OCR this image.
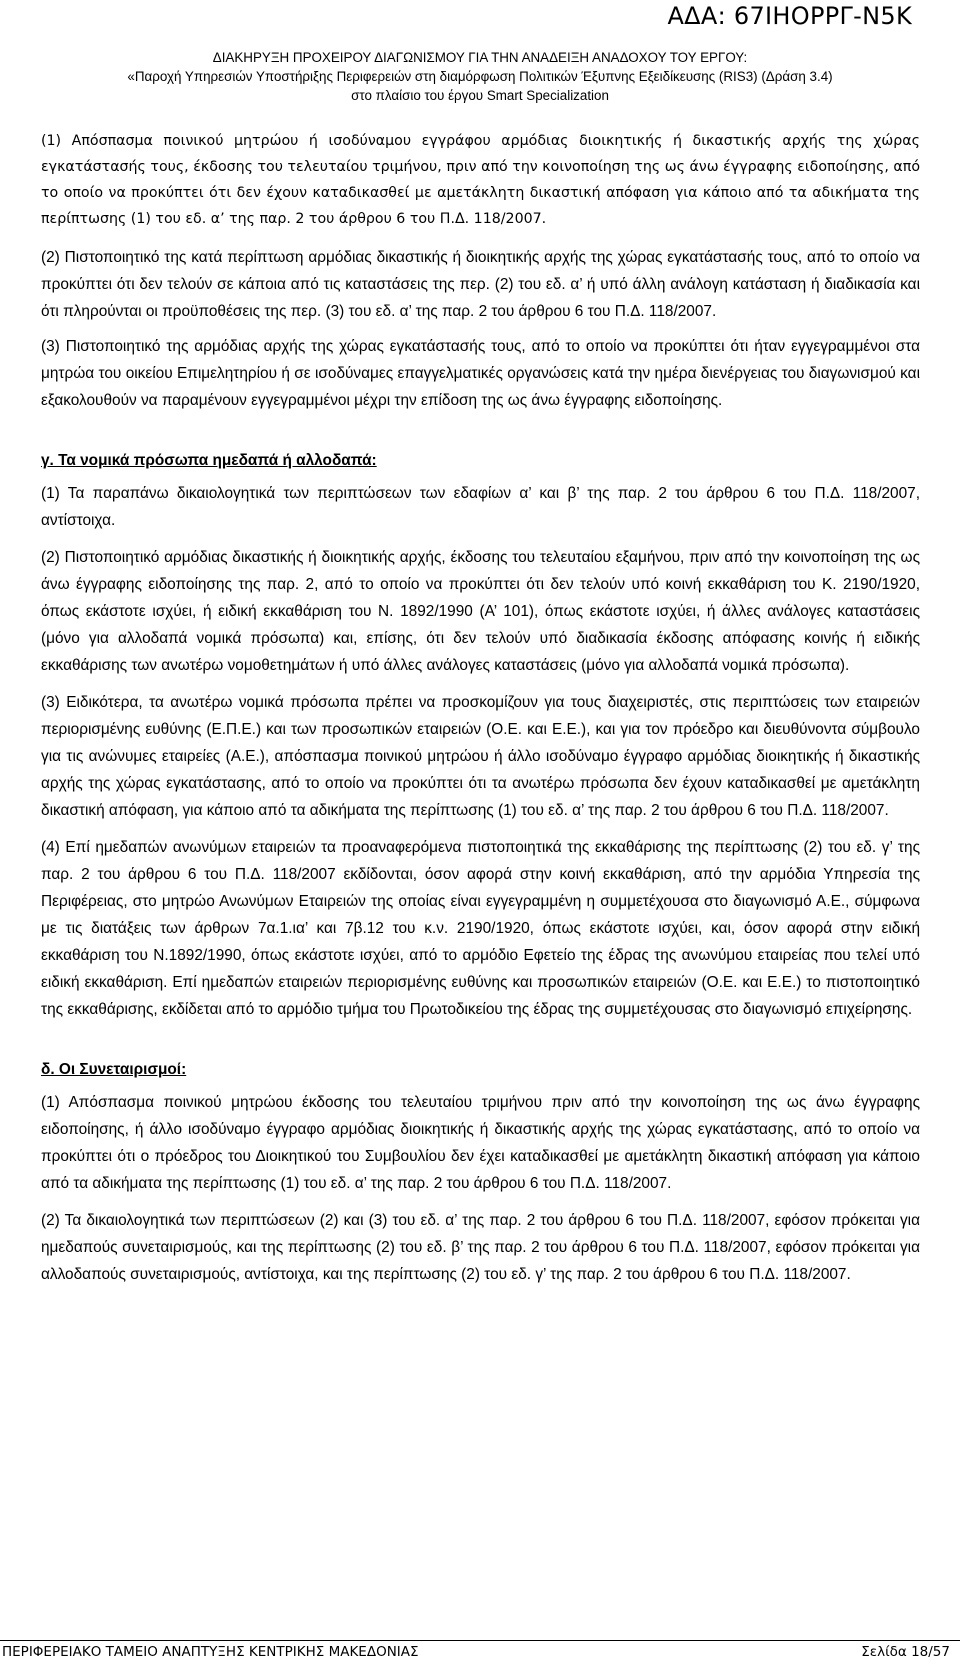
ΑΔΑ: 67ΙΗΟΡΡΓ-Ν5Κ
ΔΙΑΚΗΡΥΞΗ ΠΡΟΧΕΙΡΟΥ ΔΙΑΓΩΝΙΣΜΟΥ ΓΙΑ ΤΗΝ ΑΝΑΔΕΙΞΗ ΑΝΑΔΟΧΟΥ ΤΟΥ ΕΡΓΟΥ:
«Παροχή Υπηρεσιών Υποστήριξης Περιφερειών στη διαμόρφωση Πολιτικών Έξυπνης Εξειδίκευσης (RIS3) (Δράση 3.4)
στο πλαίσιο του έργου Smart Specialization

(1) Απόσπασμα ποινικού μητρώου ή ισοδύναμου εγγράφου αρμόδιας διοικητικής ή δικαστικής αρχής της χώρας εγκατάστασής τους, έκδοσης του τελευταίου τριμήνου, πριν από την κοινοποίηση της ως άνω έγγραφης ειδοποίησης, από το οποίο να προκύπτει ότι δεν έχουν καταδικασθεί με αμετάκλητη δικαστική απόφαση για κάποιο από τα αδικήματα της περίπτωσης (1) του εδ. α’ της παρ. 2 του άρθρου 6 του Π.Δ. 118/2007.

(2) Πιστοποιητικό της κατά περίπτωση αρμόδιας δικαστικής ή διοικητικής αρχής της χώρας εγκατάστασής τους, από το οποίο να προκύπτει ότι δεν τελούν σε κάποια από τις καταστάσεις της περ. (2) του εδ. α’ ή υπό άλλη ανάλογη κατάσταση ή διαδικασία και ότι πληρούνται οι προϋποθέσεις της περ. (3) του εδ. α’ της παρ. 2 του άρθρου 6 του Π.Δ. 118/2007.

(3) Πιστοποιητικό της αρμόδιας αρχής της χώρας εγκατάστασής τους, από το οποίο να προκύπτει ότι ήταν εγγεγραμμένοι στα μητρώα του οικείου Επιμελητηρίου ή σε ισοδύναμες επαγγελματικές οργανώσεις κατά την ημέρα διενέργειας του διαγωνισμού και εξακολουθούν να παραμένουν εγγεγραμμένοι μέχρι την επίδοση της ως άνω έγγραφης ειδοποίησης.

γ. Τα νομικά πρόσωπα ημεδαπά ή αλλοδαπά:

(1) Τα παραπάνω δικαιολογητικά των περιπτώσεων των εδαφίων α’ και β’ της παρ. 2 του άρθρου 6 του Π.Δ. 118/2007, αντίστοιχα.

(2) Πιστοποιητικό αρμόδιας δικαστικής ή διοικητικής αρχής, έκδοσης του τελευταίου εξαμήνου, πριν από την κοινοποίηση της ως άνω έγγραφης ειδοποίησης της παρ. 2, από το οποίο να προκύπτει ότι δεν τελούν υπό κοινή εκκαθάριση του Κ. 2190/1920, όπως εκάστοτε ισχύει, ή ειδική εκκαθάριση του Ν. 1892/1990 (Α’ 101), όπως εκάστοτε ισχύει, ή άλλες ανάλογες καταστάσεις (μόνο για αλλοδαπά νομικά πρόσωπα) και, επίσης, ότι δεν τελούν υπό διαδικασία έκδοσης απόφασης κοινής ή ειδικής εκκαθάρισης των ανωτέρω νομοθετημάτων ή υπό άλλες ανάλογες καταστάσεις (μόνο για αλλοδαπά νομικά πρόσωπα).

(3) Ειδικότερα, τα ανωτέρω νομικά πρόσωπα πρέπει να προσκομίζουν για τους διαχειριστές, στις περιπτώσεις των εταιρειών περιορισμένης ευθύνης (Ε.Π.Ε.) και των προσωπικών εταιρειών (Ο.Ε. και Ε.Ε.), και για τον πρόεδρο και διευθύνοντα σύμβουλο για τις ανώνυμες εταιρείες (Α.Ε.), απόσπασμα ποινικού μητρώου ή άλλο ισοδύναμο έγγραφο αρμόδιας διοικητικής ή δικαστικής αρχής της χώρας εγκατάστασης, από το οποίο να προκύπτει ότι τα ανωτέρω πρόσωπα δεν έχουν καταδικασθεί με αμετάκλητη δικαστική απόφαση, για κάποιο από τα αδικήματα της περίπτωσης (1) του εδ. α’ της παρ. 2 του άρθρου 6 του Π.Δ. 118/2007.

(4) Επί ημεδαπών ανωνύμων εταιρειών τα προαναφερόμενα πιστοποιητικά της εκκαθάρισης της περίπτωσης (2) του εδ. γ’ της παρ. 2 του άρθρου 6 του Π.Δ. 118/2007 εκδίδονται, όσον αφορά στην κοινή εκκαθάριση, από την αρμόδια Υπηρεσία της Περιφέρειας, στο μητρώο Ανωνύμων Εταιρειών της οποίας είναι εγγεγραμμένη η συμμετέχουσα στο διαγωνισμό Α.Ε., σύμφωνα με τις διατάξεις των άρθρων 7α.1.ια’ και 7β.12 του κ.ν. 2190/1920, όπως εκάστοτε ισχύει, και, όσον αφορά στην ειδική εκκαθάριση του Ν.1892/1990, όπως εκάστοτε ισχύει, από το αρμόδιο Εφετείο της έδρας της ανωνύμου εταιρείας που τελεί υπό ειδική εκκαθάριση. Επί ημεδαπών εταιρειών περιορισμένης ευθύνης και προσωπικών εταιρειών (Ο.Ε. και Ε.Ε.) το πιστοποιητικό της εκκαθάρισης, εκδίδεται από το αρμόδιο τμήμα του Πρωτοδικείου της έδρας της συμμετέχουσας στο διαγωνισμό επιχείρησης.

δ. Οι Συνεταιρισμοί:

(1) Απόσπασμα ποινικού μητρώου έκδοσης του τελευταίου τριμήνου πριν από την κοινοποίηση της ως άνω έγγραφης ειδοποίησης, ή άλλο ισοδύναμο έγγραφο αρμόδιας διοικητικής ή δικαστικής αρχής της χώρας εγκατάστασης, από το οποίο να προκύπτει ότι ο πρόεδρος του Διοικητικού του Συμβουλίου δεν έχει καταδικασθεί με αμετάκλητη δικαστική απόφαση για κάποιο από τα αδικήματα της περίπτωσης (1) του εδ. α’ της παρ. 2 του άρθρου 6 του Π.Δ. 118/2007.

(2) Τα δικαιολογητικά των περιπτώσεων (2) και (3) του εδ. α’ της παρ. 2 του άρθρου 6 του Π.Δ. 118/2007, εφόσον πρόκειται για ημεδαπούς συνεταιρισμούς, και της περίπτωσης (2) του εδ. β’ της παρ. 2 του άρθρου 6 του Π.Δ. 118/2007, εφόσον πρόκειται για αλλοδαπούς συνεταιρισμούς, αντίστοιχα, και της περίπτωσης (2) του εδ. γ’ της παρ. 2 του άρθρου 6 του Π.Δ. 118/2007.

ΠΕΡΙΦΕΡΕΙΑΚΟ ΤΑΜΕΙΟ ΑΝΑΠΤΥΞΗΣ ΚΕΝΤΡΙΚΗΣ ΜΑΚΕΔΟΝΙΑΣ	Σελίδα 18/57
